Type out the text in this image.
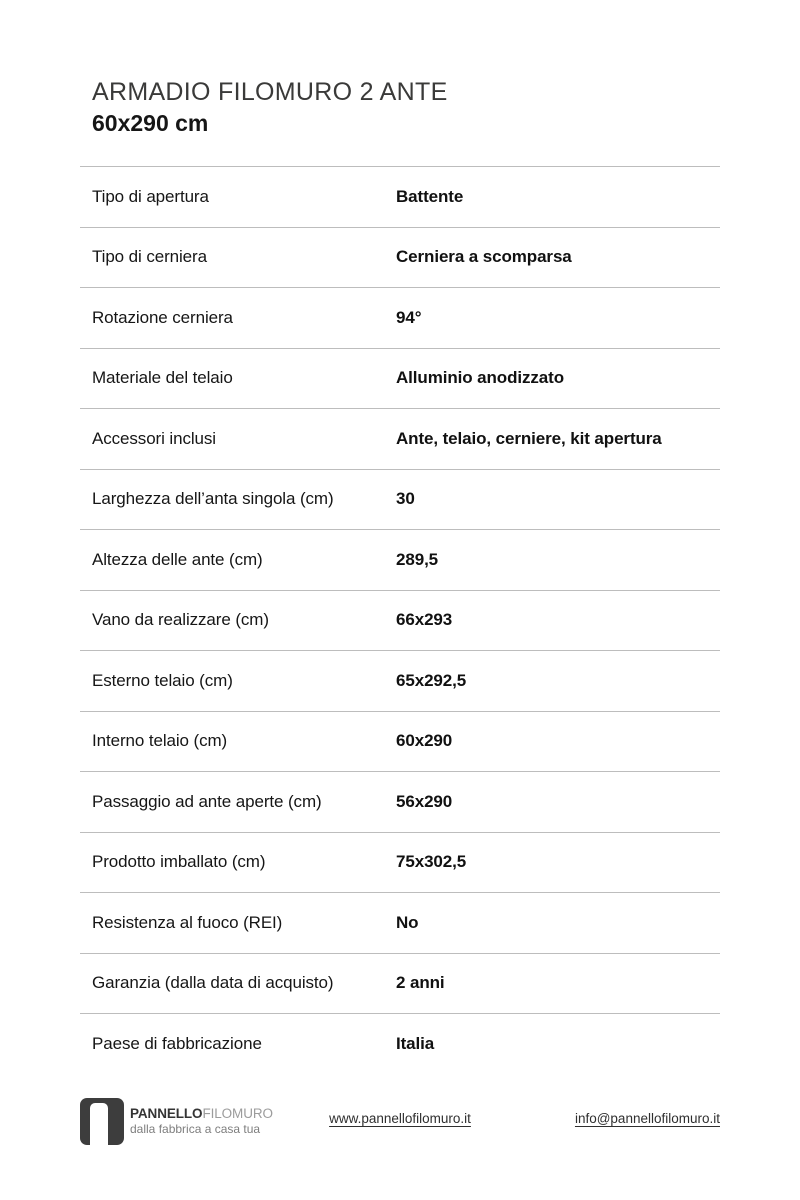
ARMADIO FILOMURO 2 ANTE
60x290 cm
Tipo di apertura	Battente
Tipo di cerniera	Cerniera a scomparsa
Rotazione cerniera	94°
Materiale del telaio	Alluminio anodizzato
Accessori inclusi	Ante, telaio, cerniere, kit apertura
Larghezza dell’anta singola (cm)	30
Altezza delle ante (cm)	289,5
Vano da realizzare (cm)	66x293
Esterno telaio (cm)	65x292,5
Interno telaio (cm)	60x290
Passaggio ad ante aperte (cm)	56x290
Prodotto imballato (cm)	75x302,5
Resistenza al fuoco (REI)	No
Garanzia (dalla data di acquisto)	2 anni
Paese di fabbricazione	Italia
PANNELLOFILOMURO
dalla fabbrica a casa tua
www.pannellofilomuro.it	info@pannellofilomuro.it
